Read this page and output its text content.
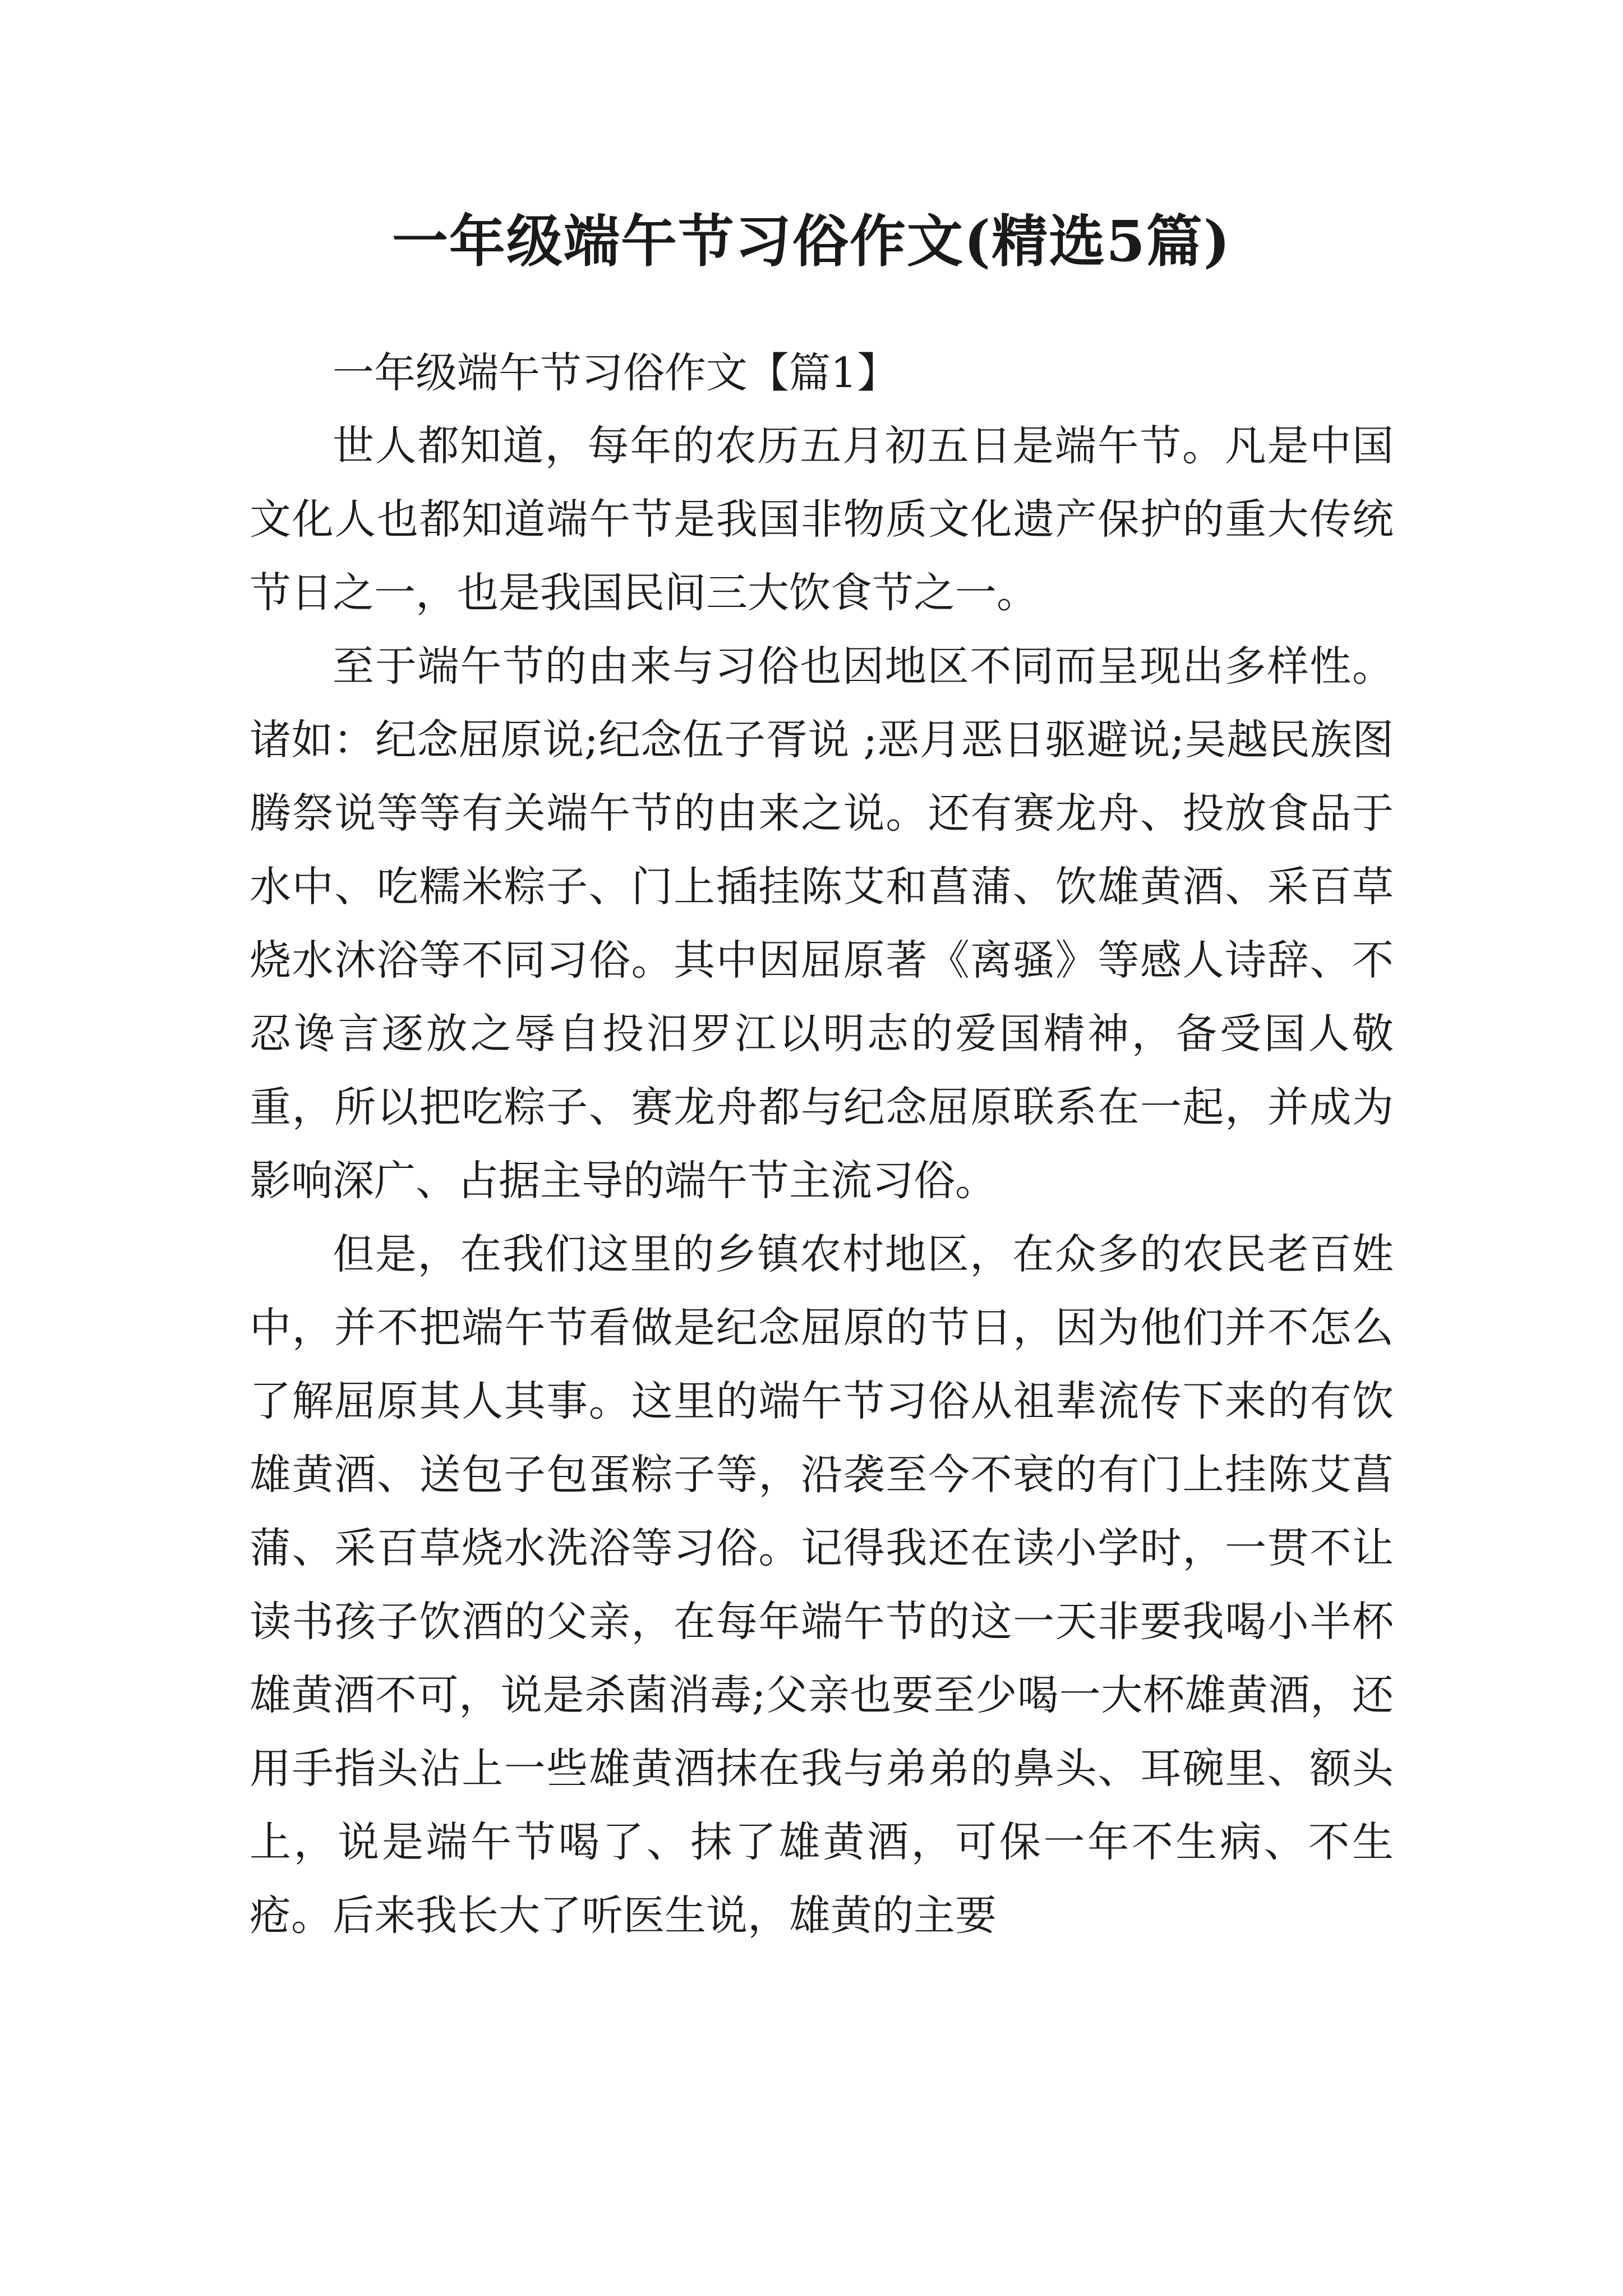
一年级端午节习俗作文(精选5篇)
一年级端午节习俗作文【篇1】

世人都知道，每年的农历五月初五日是端午节。凡是中国文化人也都知道端午节是我国非物质文化遗产保护的重大传统节日之一，也是我国民间三大饮食节之一。

至于端午节的由来与习俗也因地区不同而呈现出多样性。诸如：纪念屈原说;纪念伍子胥说 ;恶月恶日驱避说;吴越民族图腾祭说等等有关端午节的由来之说。还有赛龙舟、投放食品于水中、吃糯米粽子、门上插挂陈艾和菖蒲、饮雄黄酒、采百草烧水沐浴等不同习俗。其中因屈原著《离骚》等感人诗辞、不忍谗言逐放之辱自投汨罗江以明志的爱国精神，备受国人敬重，所以把吃粽子、赛龙舟都与纪念屈原联系在一起，并成为影响深广、占据主导的端午节主流习俗。

但是，在我们这里的乡镇农村地区，在众多的农民老百姓中，并不把端午节看做是纪念屈原的节日，因为他们并不怎么了解屈原其人其事。这里的端午节习俗从祖辈流传下来的有饮雄黄酒、送包子包蛋粽子等，沿袭至今不衰的有门上挂陈艾菖蒲、采百草烧水洗浴等习俗。记得我还在读小学时，一贯不让读书孩子饮酒的父亲，在每年端午节的这一天非要我喝小半杯雄黄酒不可，说是杀菌消毒;父亲也要至少喝一大杯雄黄酒，还用手指头沾上一些雄黄酒抹在我与弟弟的鼻头、耳碗里、额头上，说是端午节喝了、抹了雄黄酒，可保一年不生病、不生疮。后来我长大了听医生说，雄黄的主要
